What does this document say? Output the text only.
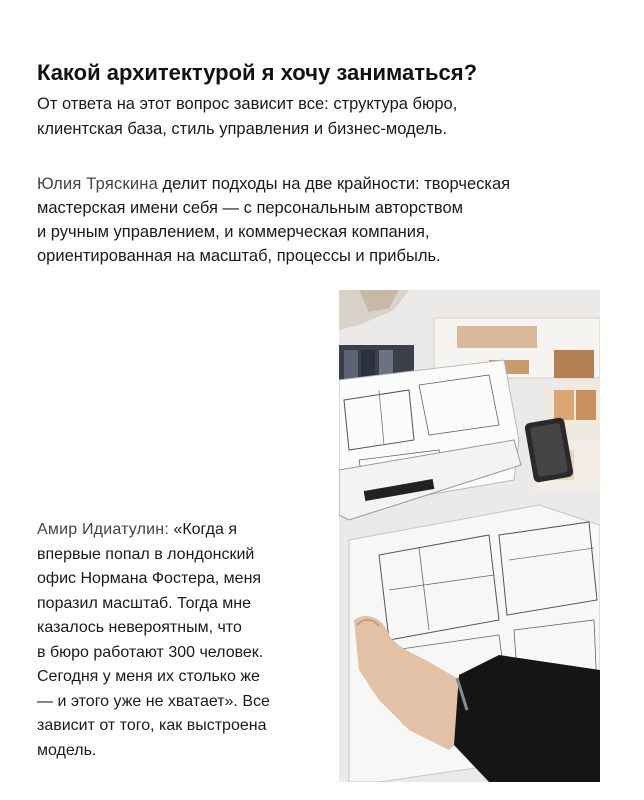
Какой архитектурой я хочу заниматься?
От ответа на этот вопрос зависит все: структура бюро,
клиентская база, стиль управления и бизнес-модель.
Юлия Тряскина делит подходы на две крайности: творческая
мастерская имени себя — с персональным авторством
и ручным управлением, и коммерческая компания,
ориентированная на масштаб, процессы и прибыль.
Амир Идиатулин: «Когда я
впервые попал в лондонский
офис Нормана Фостера, меня
поразил масштаб. Тогда мне
казалось невероятным, что
в бюро работают 300 человек.
Сегодня у меня их столько же
— и этого уже не хватает». Все
зависит от того, как выстроена
модель.
